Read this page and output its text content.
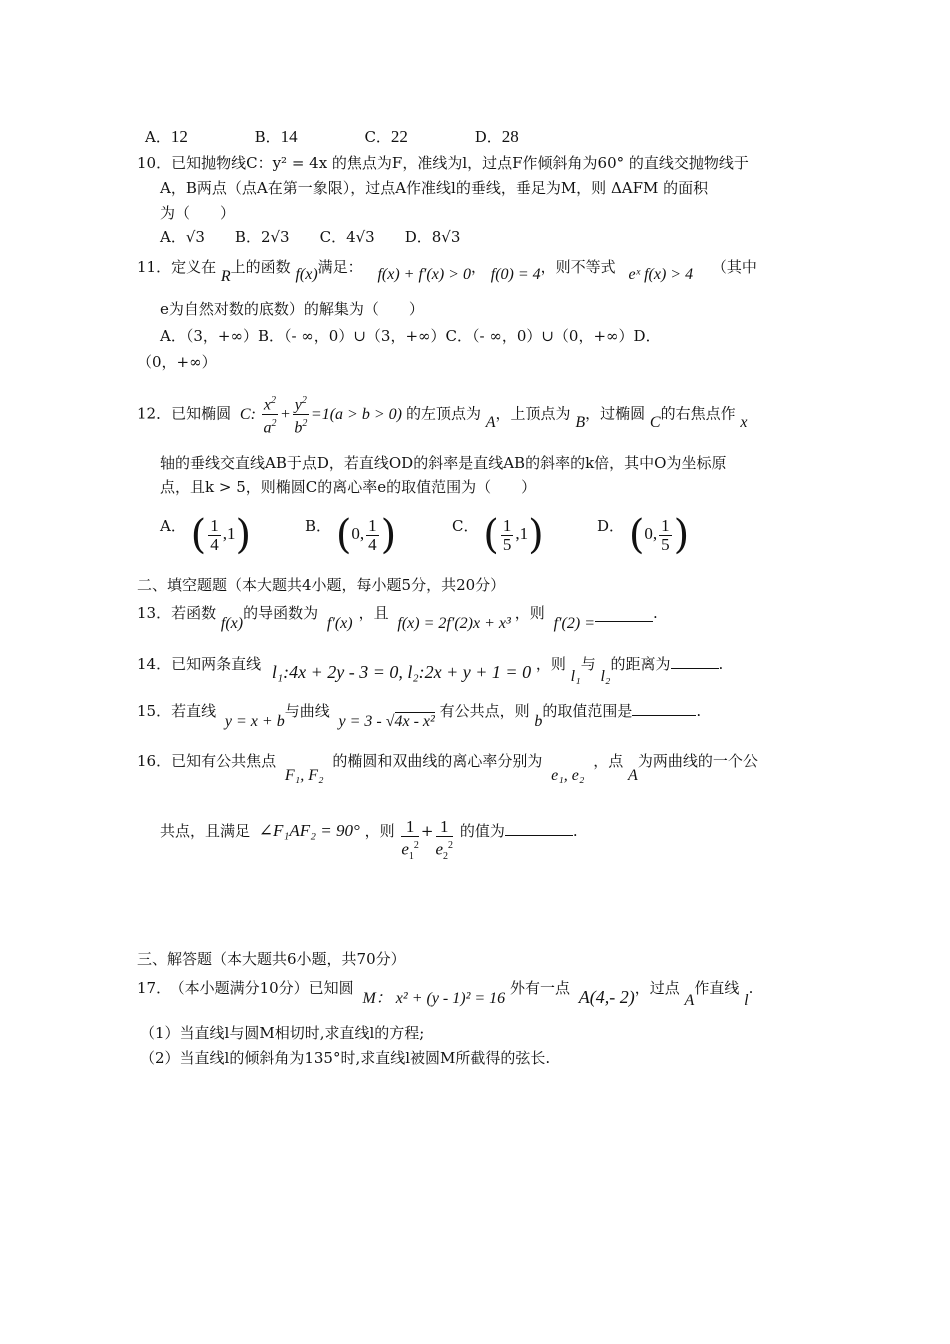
A．12	B．14	C．22	D．28
10．已知抛物线C：y² = 4x 的焦点为F，准线为l，过点F作倾斜角为60° 的直线交抛物线于
A，B两点（点A在第一象限），过点A作准线l的垂线，垂足为M，则 ΔAFM 的面积
为（　　）
A．√3　　B．2√3　　C．4√3　　D．8√3
11．定义在 R上的函数 f(x)满足： f(x) + f′(x) > 0， f(0) = 4，则不等式 eˣ f(x) > 4 （其中
e为自然对数的底数）的解集为（　　）
A．（3，+∞）B．（- ∞，0）∪（3，+∞）C．（- ∞，0）∪（0，+∞）D．
（0，+∞）
12．已知椭圆 C: $\frac{x^2}{a^2} + \frac{y^2}{b^2} =1(a > b > 0)$ 的左顶点为 A，上顶点为 B，过椭圆 C的右焦点作 x
轴的垂线交直线AB于点D，若直线OD的斜率是直线AB的斜率的k倍，其中O为坐标原
点，且k > 5，则椭圆C的离心率e的取值范围为（　　）
A． ( $\frac{1}{4} ,1$)	B． (0, $\frac{1}{4}$ )	C． ( $\frac{1}{5} ,1$)	D． (0, $\frac{1}{5}$ )
二、填空题题（本大题共4小题，每小题5分，共20分）
13．若函数 f(x)的导函数为 f′(x)，且 f(x) = 2f′(2)x + x³，则 f′(2) =.
14．已知两条直线 l₁:4x + 2y - 3 = 0, l₂:2x + y + 1 = 0 ，则 l₁与 l₂的距离为	.
15．若直线 y = x + b与曲线 y = 3 - √4x - x² 有公共点，则 b的取值范围是	.
16．已知有公共焦点 F₁, F₂ 的椭圆和双曲线的离心率分别为 e₁, e₂ ，点 A为两曲线的一个公
共点，且满足 ∠F₁AF₂ = 90° ，则 $\frac{1}{e_1^2} + \frac{1}{e_2^2}$ 的值为	.
三、解答题（本大题共6小题，共70分）
17． （本小题满分10分）已知圆 M： x² + (y - 1)² = 16 外有一点 A(4,- 2)，过点 A作直线 l.
（1）当直线l与圆M相切时,求直线l的方程;
（2）当直线l的倾斜角为135°时,求直线l被圆M所截得的弦长.
